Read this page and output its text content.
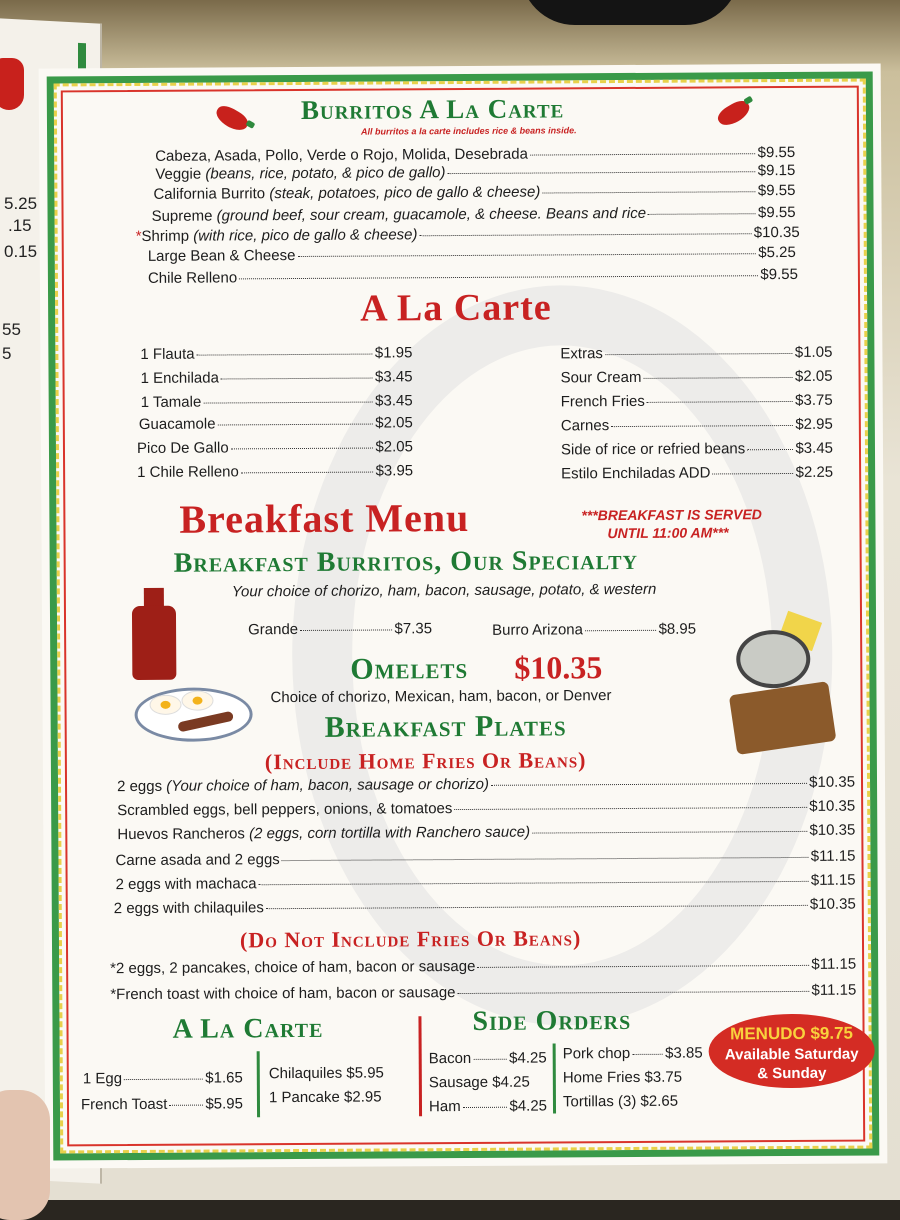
5.25
.15
0.15
55
5
Burritos A La Carte
All burritos a la carte includes rice & beans inside.
Cabeza, Asada, Pollo, Verde o Rojo, Molida, Desebrada	$9.55
Veggie
(beans, rice, potato, & pico de gallo)	$9.15
California Burrito
(steak, potatoes, pico de gallo & cheese)	$9.55
Supreme
(ground beef, sour cream, guacamole, & cheese. Beans and rice	$9.55
* Shrimp
(with rice, pico de gallo & cheese)	$10.35
Large Bean & Cheese	$5.25
Chile Relleno	$9.55
A La Carte
1 Flauta	$1.95
1 Enchilada	$3.45
1 Tamale	$3.45
Guacamole	$2.05
Pico De Gallo	$2.05
1 Chile Relleno	$3.95
Extras	$1.05
Sour Cream	$2.05
French Fries	$3.75
Carnes	$2.95
Side of rice or refried beans	$3.45
Estilo Enchiladas ADD	$2.25
Breakfast Menu	***BREAKFAST IS SERVED
UNTIL 11:00 AM***
Breakfast Burritos, Our Specialty
Your choice of chorizo, ham, bacon, sausage, potato, & western
Grande	$7.35	Burro Arizona	$8.95
Omelets $10.35
Choice of chorizo, Mexican, ham, bacon, or Denver
Breakfast Plates
(Include Home Fries Or Beans)
2 eggs
(Your choice of ham, bacon, sausage or chorizo)	$10.35
Scrambled eggs, bell peppers, onions, & tomatoes	$10.35
Huevos Rancheros
(2 eggs, corn tortilla with Ranchero sauce)	$10.35
Carne asada and 2 eggs	$11.15
2 eggs with machaca	$11.15
2 eggs with chilaquiles	$10.35
(Do Not Include Fries Or Beans)
*2 eggs, 2 pancakes, choice of ham, bacon or sausage	$11.15
*French toast with choice of ham, bacon or sausage	$11.15
A La Carte	Side Orders
1 Egg	$1.65
French Toast	$5.95
Chilaquiles $5.95
1 Pancake $2.95
Bacon	$4.25
Sausage $4.25
Ham	$4.25
Pork chop $3.85
Home Fries $3.75
Tortillas (3) $2.65
MENUDO $9.75
Available Saturday
& Sunday
